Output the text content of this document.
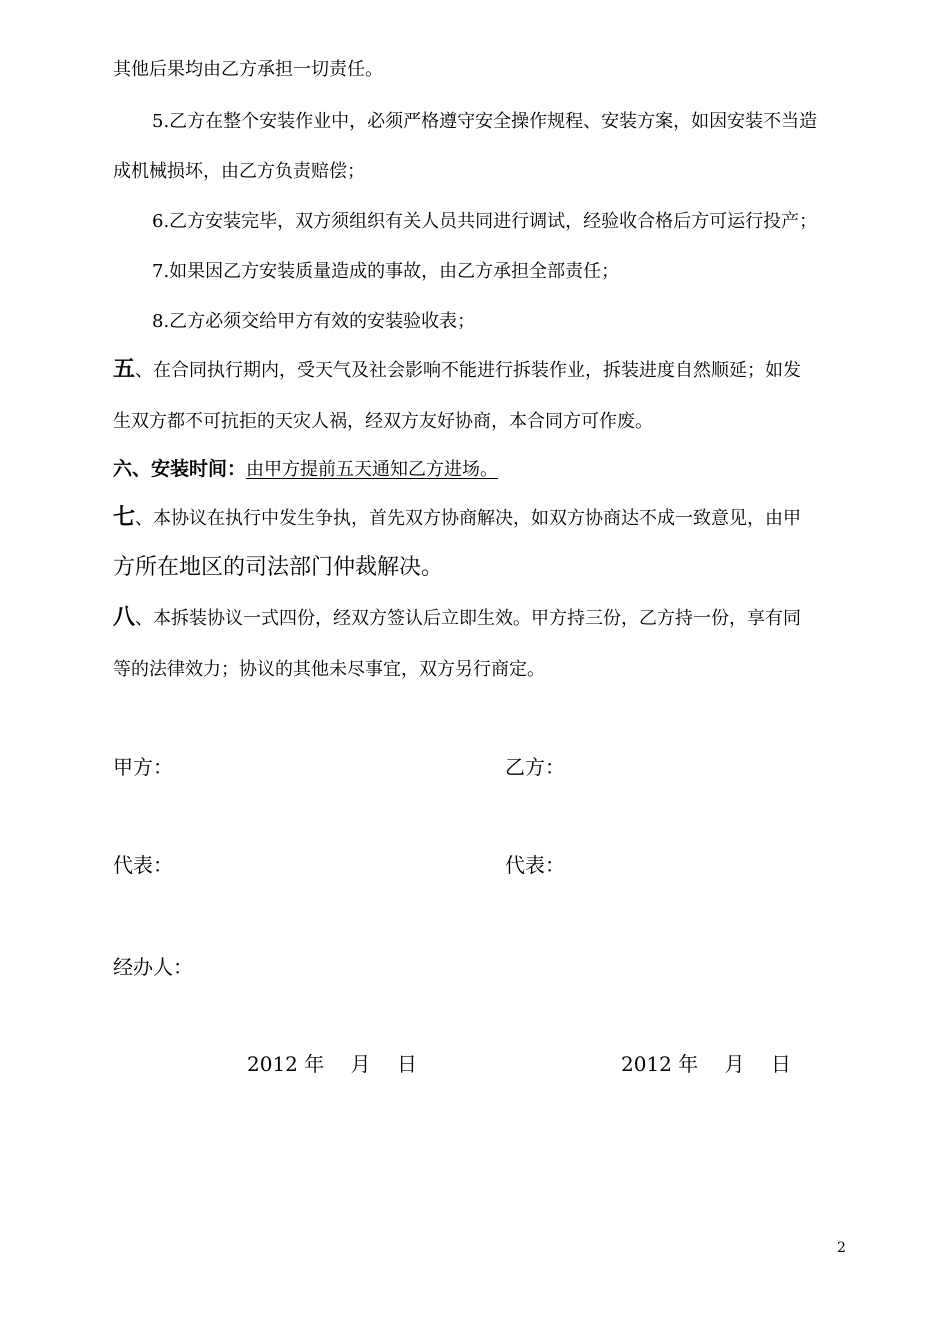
其他后果均由乙方承担一切责任。
5.乙方在整个安装作业中，必须严格遵守安全操作规程、安装方案，如因安装不当造
成机械损坏，由乙方负责赔偿；
6.乙方安装完毕，双方须组织有关人员共同进行调试，经验收合格后方可运行投产；
7.如果因乙方安装质量造成的事故，由乙方承担全部责任；
8.乙方必须交给甲方有效的安装验收表；
五、在合同执行期内，受天气及社会影响不能进行拆装作业，拆装进度自然顺延；如发
生双方都不可抗拒的天灾人祸，经双方友好协商，本合同方可作废。
六、安装时间：由甲方提前五天通知乙方进场。
七、本协议在执行中发生争执，首先双方协商解决，如双方协商达不成一致意见，由甲
方所在地区的司法部门仲裁解决。
八、本拆装协议一式四份，经双方签认后立即生效。甲方持三份，乙方持一份，享有同
等的法律效力；协议的其他未尽事宜，双方另行商定。
甲方：	乙方：
代表：	代表：
经办人：
2012 年　 月　 日	2012 年　 月　 日
2
